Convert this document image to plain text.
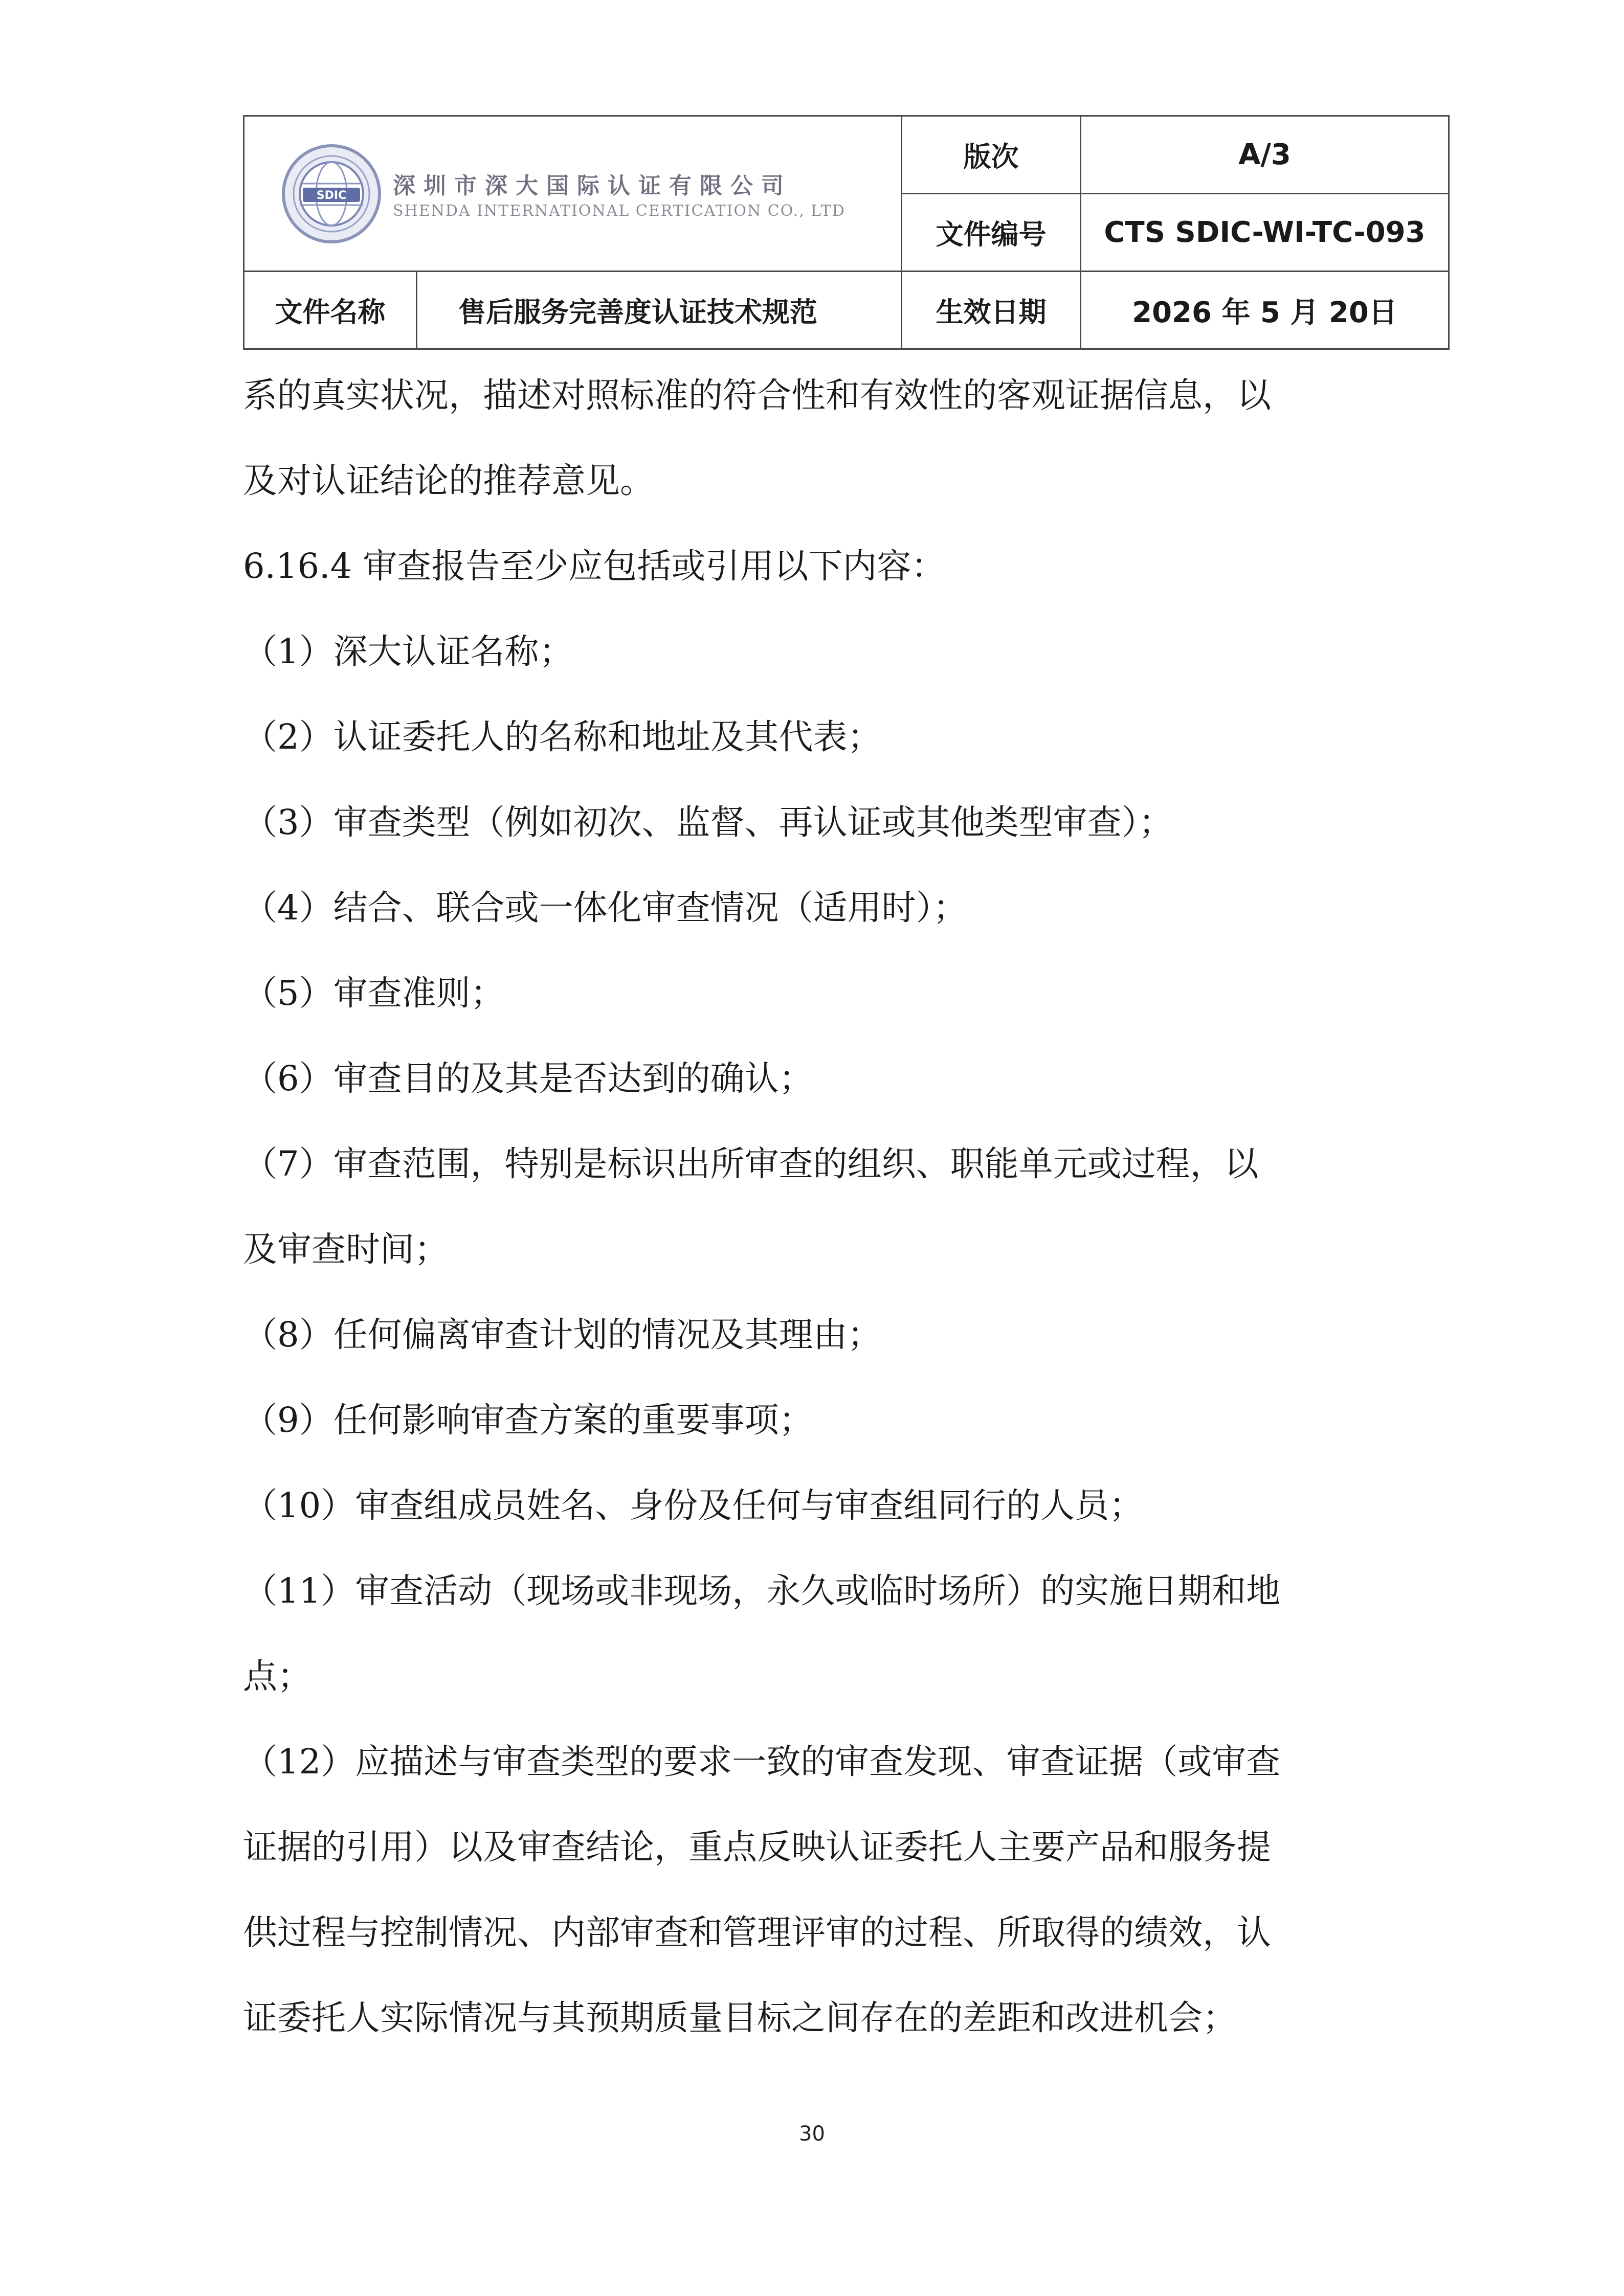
SDIC 深圳市深大国际认证有限公司
SHENDA INTERNATIONAL CERTICATION CO., LTD		版次	A/3
		文件编号	CTS SDIC-WI-TC-093
文件名称	售后服务完善度认证技术规范	生效日期	2026 年 5 月 20日

系的真实状况，描述对照标准的符合性和有效性的客观证据信息，以

及对认证结论的推荐意见。

6.16.4 审查报告至少应包括或引用以下内容：

（1）深大认证名称；

（2）认证委托人的名称和地址及其代表；

（3）审查类型（例如初次、监督、再认证或其他类型审查）；

（4）结合、联合或一体化审查情况（适用时）；

（5）审查准则；

（6）审查目的及其是否达到的确认；

（7）审查范围，特别是标识出所审查的组织、职能单元或过程，以

及审查时间；

（8）任何偏离审查计划的情况及其理由；

（9）任何影响审查方案的重要事项；

（10）审查组成员姓名、身份及任何与审查组同行的人员；

（11）审查活动（现场或非现场，永久或临时场所）的实施日期和地

点；

（12）应描述与审查类型的要求一致的审查发现、审查证据（或审查

证据的引用）以及审查结论，重点反映认证委托人主要产品和服务提

供过程与控制情况、内部审查和管理评审的过程、所取得的绩效，认

证委托人实际情况与其预期质量目标之间存在的差距和改进机会；

30
